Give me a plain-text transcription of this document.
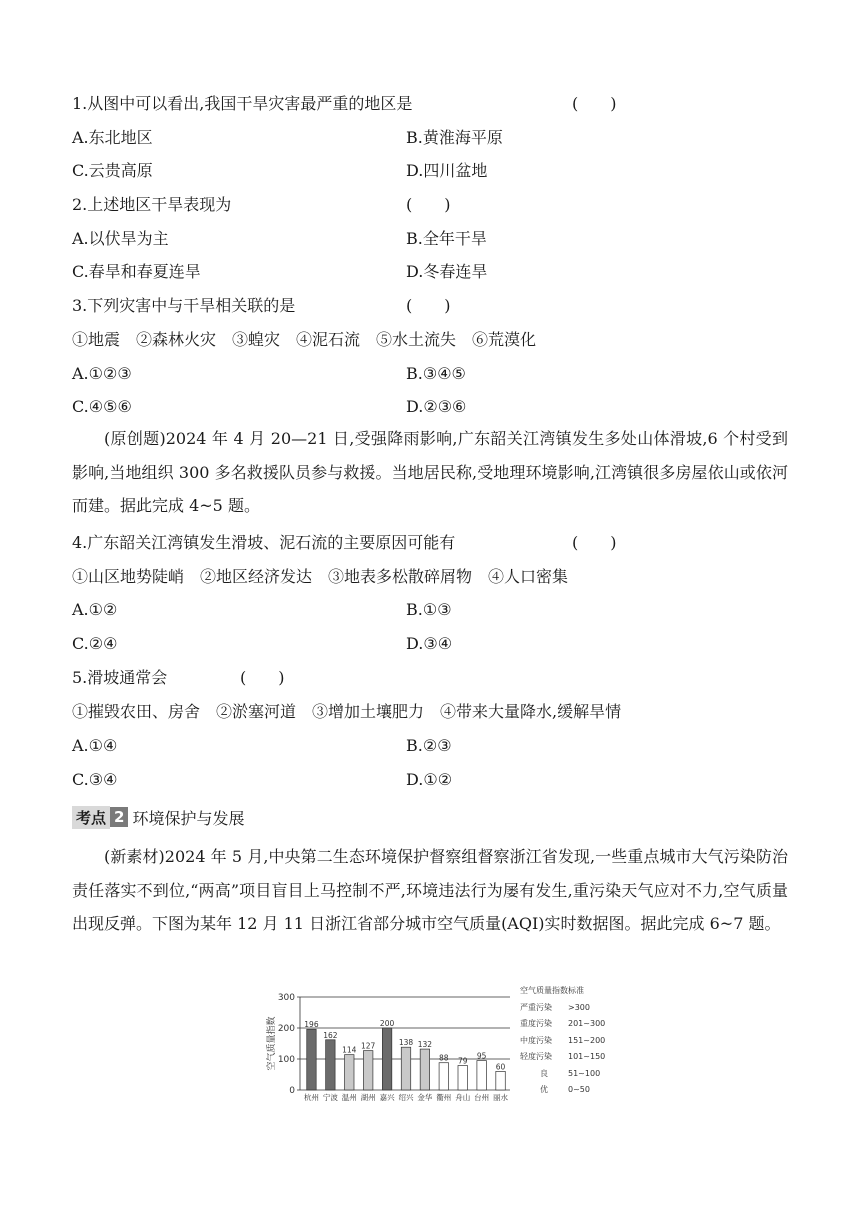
1.从图中可以看出,我国干旱灾害最严重的地区是	(　　)
A.东北地区	B.黄淮海平原
C.云贵高原	D.四川盆地
2.上述地区干旱表现为	(　　)
A.以伏旱为主	B.全年干旱
C.春旱和春夏连旱	D.冬春连旱
3.下列灾害中与干旱相关联的是	(　　)
①地震　②森林火灾　③蝗灾　④泥石流　⑤水土流失　⑥荒漠化
A.①②③	B.③④⑤
C.④⑤⑥	D.②③⑥
(原创题)2024 年 4 月 20—21 日,受强降雨影响,广东韶关江湾镇发生多处山体滑坡,6 个村受到影响,当地组织 300 多名救援队员参与救援。当地居民称,受地理环境影响,江湾镇很多房屋依山或依河而建。据此完成 4~5 题。
4.广东韶关江湾镇发生滑坡、泥石流的主要原因可能有	(　　)
①山区地势陡峭　②地区经济发达　③地表多松散碎屑物　④人口密集
A.①②	B.①③
C.②④	D.③④
5.滑坡通常会	(　　)
①摧毁农田、房舍　②淤塞河道　③增加土壤肥力　④带来大量降水,缓解旱情
A.①④	B.②③
C.③④	D.①②
考点 2 环境保护与发展
(新素材)2024 年 5 月,中央第二生态环境保护督察组督察浙江省发现,一些重点城市大气污染防治责任落实不到位,“两高”项目盲目上马控制不严,环境违法行为屡有发生,重污染天气应对不力,空气质量出现反弹。下图为某年 12 月 11 日浙江省部分城市空气质量(AQI)实时数据图。据此完成 6~7 题。
0
100
200
300
空气质量指数	196
杭州
162
宁波
114
温州
127
湖州
200
嘉兴
138
绍兴
132
金华
88
衢州
79
舟山
95
台州
60
丽水
空气质量指数标准
严重污染 >300
重度污染 201~300
中度污染 151~200
轻度污染 101~150
良	51~100
优	0~50
